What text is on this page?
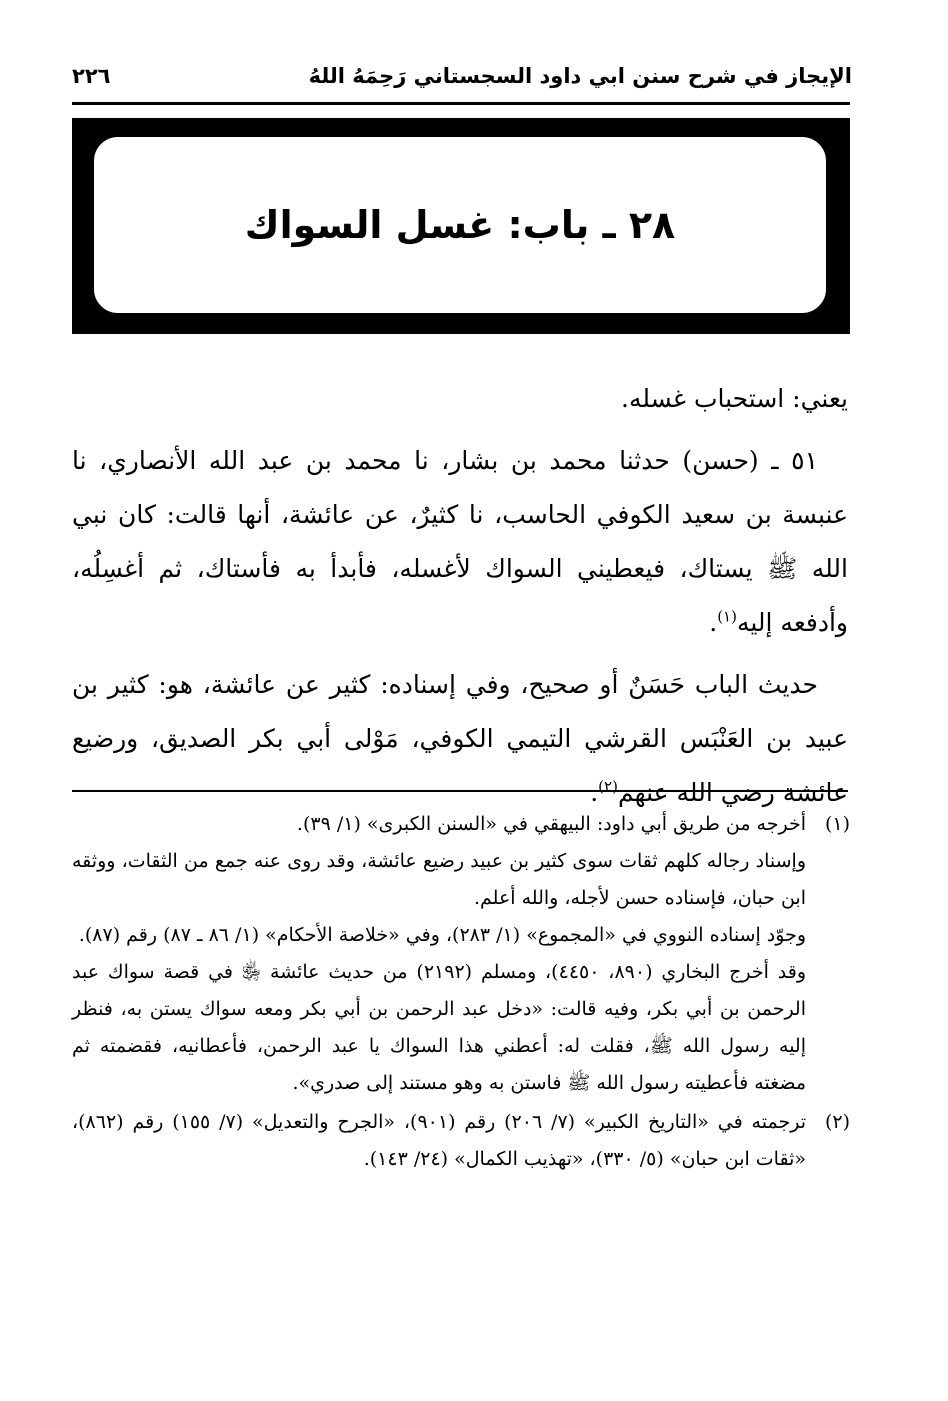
الإيجاز في شرح سنن ابي داود السجستاني رَحِمَهُ اللهُ
٢٢٦
٢٨ ـ باب: غسل السواك

يعني: استحباب غسله.

٥١ ـ (حسن) حدثنا محمد بن بشار، نا محمد بن عبد الله الأنصاري، نا عنبسة بن سعيد الكوفي الحاسب، نا كثيرٌ، عن عائشة، أنها قالت: كان نبي الله ﷺ يستاك، فيعطيني السواك لأغسله، فأبدأ به فأستاك، ثم أغسِلُه، وأدفعه إليه$^{(١)}$.

حديث الباب حَسَنٌ أو صحيح، وفي إسناده: كثير عن عائشة، هو: كثير بن عبيد بن العَنْبَس القرشي التيمي الكوفي، مَوْلى أبي بكر الصديق، ورضيع عائشة رضي الله عنهم$^{(٢)}$.

(١)

أخرجه من طريق أبي داود: البيهقي في «السنن الكبرى» (١/ ٣٩).

وإسناد رجاله كلهم ثقات سوى كثير بن عبيد رضيع عائشة، وقد روى عنه جمع من الثقات، ووثقه ابن حبان، فإسناده حسن لأجله، والله أعلم.

وجوّد إسناده النووي في «المجموع» (١/ ٢٨٣)، وفي «خلاصة الأحكام» (١/ ٨٦ ـ ٨٧) رقم (٨٧).

وقد أخرج البخاري (٨٩٠، ٤٤٥٠)، ومسلم (٢١٩٢) من حديث عائشة ﵂ في قصة سواك عبد الرحمن بن أبي بكر، وفيه قالت: «دخل عبد الرحمن بن أبي بكر ومعه سواك يستن به، فنظر إليه رسول الله ﷺ، فقلت له: أعطني هذا السواك يا عبد الرحمن، فأعطانيه، فقضمته ثم مضغته فأعطيته رسول الله ﷺ فاستن به وهو مستند إلى صدري».

(٢)

ترجمته في «التاريخ الكبير» (٧/ ٢٠٦) رقم (٩٠١)، «الجرح والتعديل» (٧/ ١٥٥) رقم (٨٦٢)، «ثقات ابن حبان» (٥/ ٣٣٠)، «تهذيب الكمال» (٢٤/ ١٤٣).
